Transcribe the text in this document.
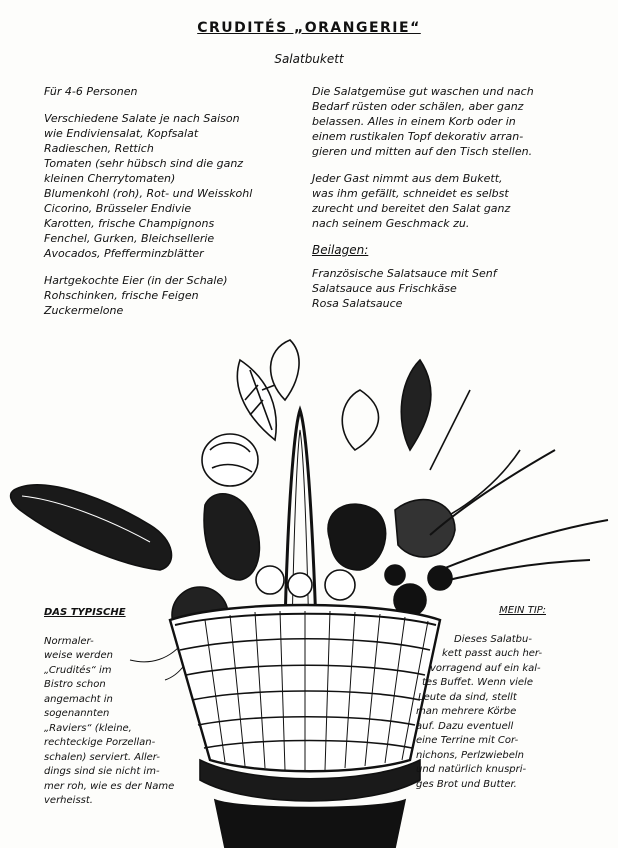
CRUDITÉS „ORANGERIE“
Salatbukett

Für 4-6 Personen

Verschiedene Salate je nach Saison

wie Endiviensalat, Kopfsalat

Radieschen, Rettich

Tomaten (sehr hübsch sind die ganz

kleinen Cherrytomaten)

Blumenkohl (roh), Rot- und Weisskohl

Cicorino, Brüsseler Endivie

Karotten, frische Champignons

Fenchel, Gurken, Bleichsellerie

Avocados, Pfefferminzblätter

Hartgekochte Eier (in der Schale)

Rohschinken, frische Feigen

Zuckermelone

Die Salatgemüse gut waschen und nach

Bedarf rüsten oder schälen, aber ganz

belassen. Alles in einem Korb oder in

einem rustikalen Topf dekorativ arran-

gieren und mitten auf den Tisch stellen.

Jeder Gast nimmt aus dem Bukett,

was ihm gefällt, schneidet es selbst

zurecht und bereitet den Salat ganz

nach seinem Geschmack zu.

Beilagen:

Französische Salatsauce mit Senf

Salatsauce aus Frischkäse

Rosa Salatsauce

DAS TYPISCHE

Normaler-

weise werden

„Crudités“ im

Bistro schon

angemacht in

sogenannten

„Raviers“ (kleine,

rechteckige Porzellan-

schalen) serviert. Aller-

dings sind sie nicht im-

mer roh, wie es der Name

verheisst.

MEIN TIP:

Dieses Salatbu-

kett passt auch her-

vorragend auf ein kal-

tes Buffet. Wenn viele

Leute da sind, stellt

man mehrere Körbe

auf. Dazu eventuell

eine Terrine mit Cor-

nichons, Perlzwiebeln

und natürlich knuspri-

ges Brot und Butter.
